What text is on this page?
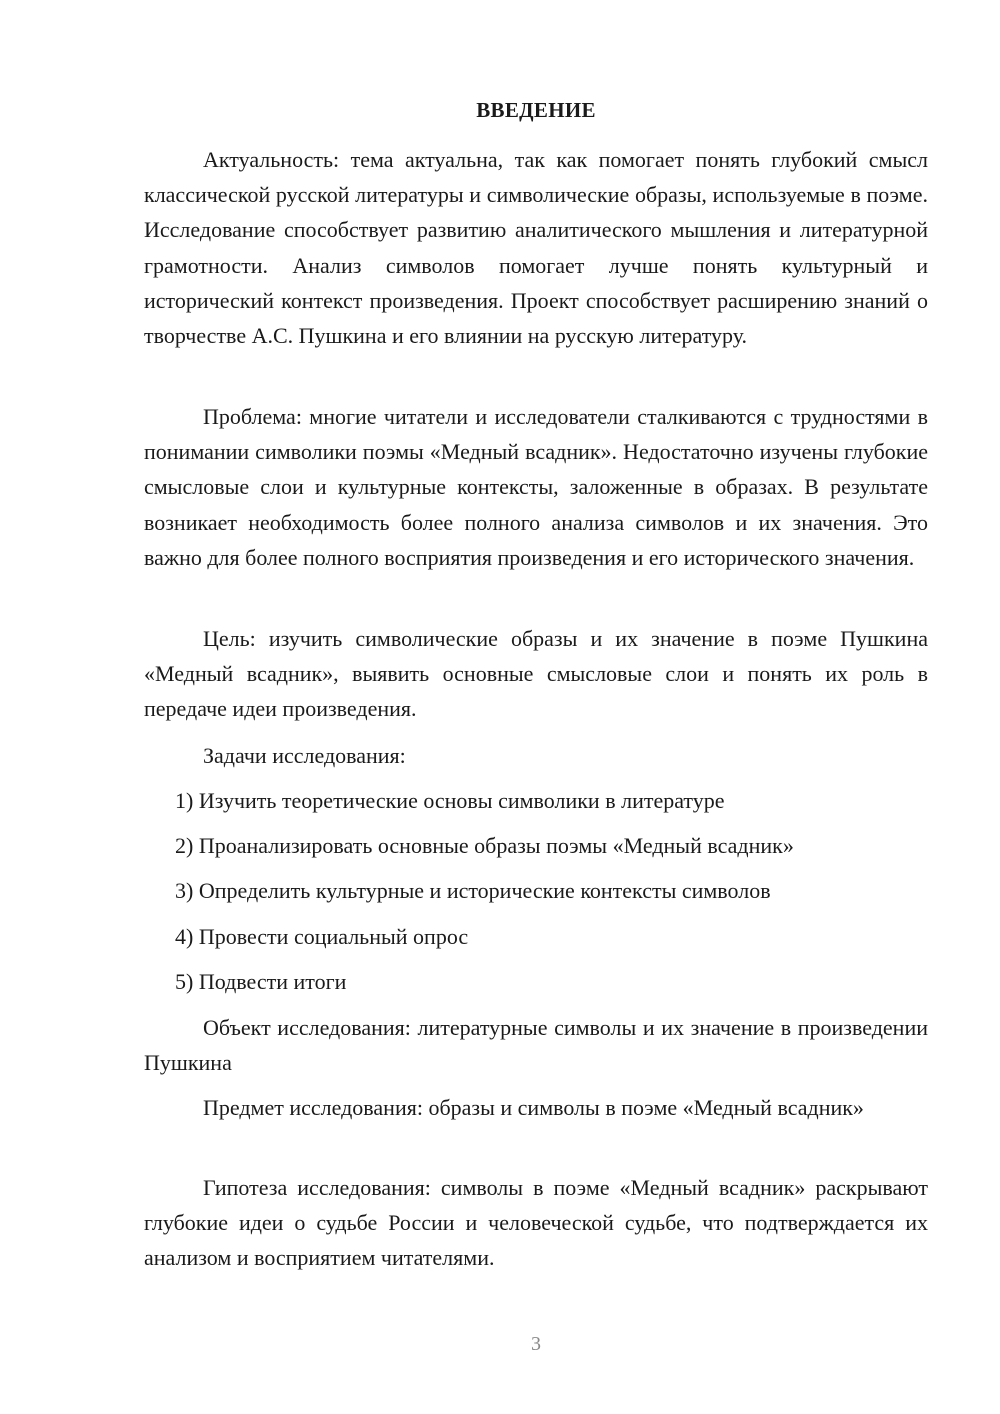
ВВЕДЕНИЕ

Актуальность: тема актуальна, так как помогает понять глубокий смысл классической русской литературы и символические образы, используемые в поэме. Исследование способствует развитию аналитического мышления и литературной грамотности. Анализ символов помогает лучше понять культурный и исторический контекст произведения. Проект способствует расширению знаний о творчестве А.С. Пушкина и его влиянии на русскую литературу.

Проблема: многие читатели и исследователи сталкиваются с трудностями в понимании символики поэмы «Медный всадник». Недостаточно изучены глубокие смысловые слои и культурные контексты, заложенные в образах. В результате возникает необходимость более полного анализа символов и их значения. Это важно для более полного восприятия произведения и его исторического значения.

Цель: изучить символические образы и их значение в поэме Пушкина «Медный всадник», выявить основные смысловые слои и понять их роль в передаче идеи произведения.

Задачи исследования:
1) Изучить теоретические основы символики в литературе
2) Проанализировать основные образы поэмы «Медный всадник»
3) Определить культурные и исторические контексты символов
4) Провести социальный опрос
5) Подвести итоги

Объект исследования: литературные символы и их значение в произведении Пушкина

Предмет исследования: образы и символы в поэме «Медный всадник»

Гипотеза исследования: символы в поэме «Медный всадник» раскрывают глубокие идеи о судьбе России и человеческой судьбе, что подтверждается их анализом и восприятием читателями.

3
